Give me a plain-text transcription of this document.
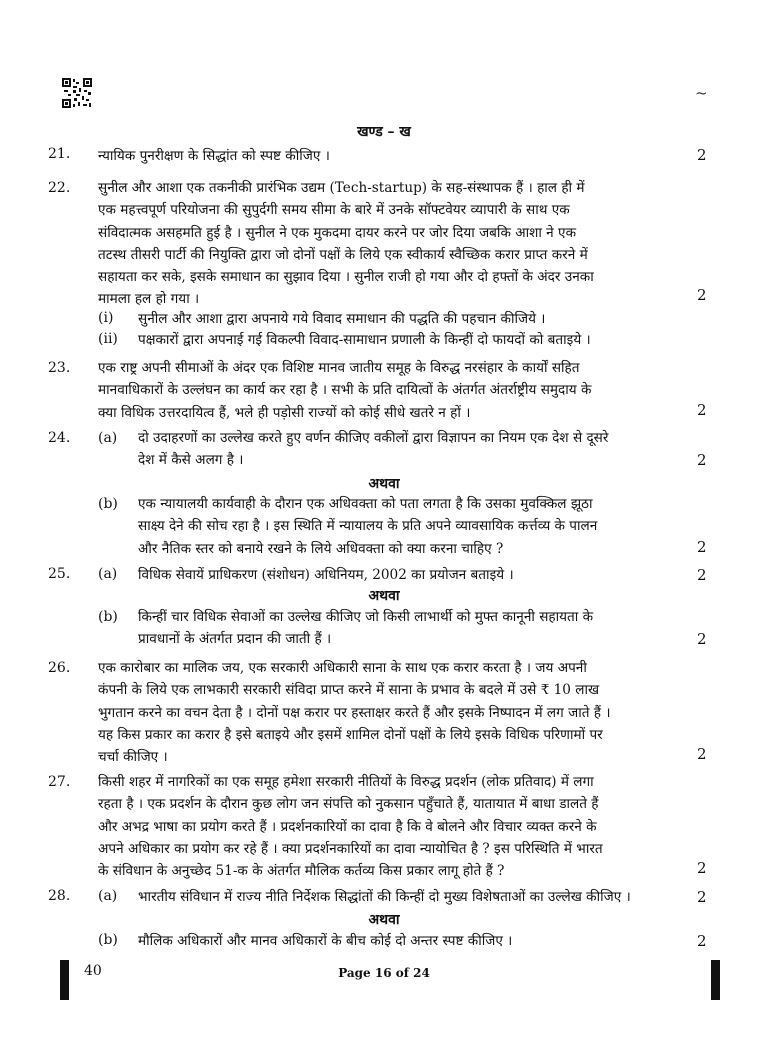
~
खण्ड – ख
21.	न्यायिक पुनरीक्षण के सिद्धांत को स्पष्ट कीजिए ।	2
22.	सुनील और आशा एक तकनीकी प्रारंभिक उद्यम (Tech-startup) के सह-संस्थापक हैं । हाल ही में
एक महत्त्वपूर्ण परियोजना की सुपुर्दगी समय सीमा के बारे में उनके सॉफ्टवेयर व्यापारी के साथ एक
संविदात्मक असहमति हुई है । सुनील ने एक मुकदमा दायर करने पर जोर दिया जबकि आशा ने एक
तटस्थ तीसरी पार्टी की नियुक्ति द्वारा जो दोनों पक्षों के लिये एक स्वीकार्य स्वैच्छिक करार प्राप्त करने में
सहायता कर सके, इसके समाधान का सुझाव दिया । सुनील राजी हो गया और दो हफ्तों के अंदर उनका
मामला हल हो गया ।	2
(i) सुनील और आशा द्वारा अपनाये गये विवाद समाधान की पद्धति की पहचान कीजिये ।
(ii) पक्षकारों द्वारा अपनाई गई विकल्पी विवाद-सामाधान प्रणाली के किन्हीं दो फायदों को बताइये ।
23.	एक राष्ट्र अपनी सीमाओं के अंदर एक विशिष्ट मानव जातीय समूह के विरुद्ध नरसंहार के कार्यों सहित
मानवाधिकारों के उल्लंघन का कार्य कर रहा है । सभी के प्रति दायित्वों के अंतर्गत अंतर्राष्ट्रीय समुदाय के
क्या विधिक उत्तरदायित्व हैं, भले ही पड़ोसी राज्यों को कोई सीधे खतरे न हों ।	2
24.	(a) दो उदाहरणों का उल्लेख करते हुए वर्णन कीजिए वकीलों द्वारा विज्ञापन का नियम एक देश से दूसरे
देश में कैसे अलग है ।	2
अथवा
(b) एक न्यायालयी कार्यवाही के दौरान एक अधिवक्ता को पता लगता है कि उसका मुवक्किल झूठा
साक्ष्य देने की सोच रहा है । इस स्थिति में न्यायालय के प्रति अपने व्यावसायिक कर्त्तव्य के पालन
और नैतिक स्तर को बनाये रखने के लिये अधिवक्ता को क्या करना चाहिए ?	2
25.	(a) विधिक सेवायें प्राधिकरण (संशोधन) अधिनियम, 2002 का प्रयोजन बताइये ।	2
अथवा
(b) किन्हीं चार विधिक सेवाओं का उल्लेख कीजिए जो किसी लाभार्थी को मुफ्त कानूनी सहायता के
प्रावधानों के अंतर्गत प्रदान की जाती हैं ।	2
26.	एक कारोबार का मालिक जय, एक सरकारी अधिकारी साना के साथ एक करार करता है । जय अपनी
कंपनी के लिये एक लाभकारी सरकारी संविदा प्राप्त करने में साना के प्रभाव के बदले में उसे ₹ 10 लाख
भुगतान करने का वचन देता है । दोनों पक्ष करार पर हस्ताक्षर करते हैं और इसके निष्पादन में लग जाते हैं ।
यह किस प्रकार का करार है इसे बताइये और इसमें शामिल दोनों पक्षों के लिये इसके विधिक परिणामों पर
चर्चा कीजिए ।	2
27.	किसी शहर में नागरिकों का एक समूह हमेशा सरकारी नीतियों के विरुद्ध प्रदर्शन (लोक प्रतिवाद) में लगा
रहता है । एक प्रदर्शन के दौरान कुछ लोग जन संपत्ति को नुकसान पहुँचाते हैं, यातायात में बाधा डालते हैं
और अभद्र भाषा का प्रयोग करते हैं । प्रदर्शनकारियों का दावा है कि वे बोलने और विचार व्यक्त करने के
अपने अधिकार का प्रयोग कर रहे हैं । क्या प्रदर्शनकारियों का दावा न्यायोचित है ? इस परिस्थिति में भारत
के संविधान के अनुच्छेद 51-क के अंतर्गत मौलिक कर्तव्य किस प्रकार लागू होते हैं ?	2
28.	(a) भारतीय संविधान में राज्य नीति निर्देशक सिद्धांतों की किन्हीं दो मुख्य विशेषताओं का उल्लेख कीजिए ।	2
अथवा
(b) मौलिक अधिकारों और मानव अधिकारों के बीच कोई दो अन्तर स्पष्ट कीजिए ।	2
40	Page 16 of 24
